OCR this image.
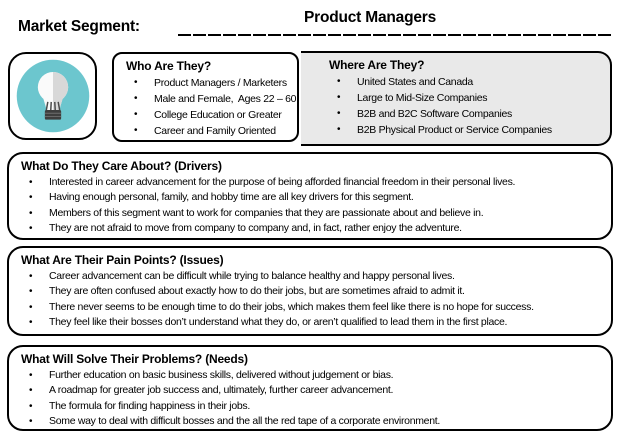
Market Segment:
Product Managers
Who Are They?
• Product Managers / Marketers
• Male and Female,  Ages 22 – 60
• College Education or Greater
• Career and Family Oriented
Where Are They?
• United States and Canada
• Large to Mid-Size Companies
• B2B and B2C Software Companies
• B2B Physical Product or Service Companies
What Do They Care About? (Drivers)
• Interested in career advancement for the purpose of being afforded financial freedom in their personal lives.
• Having enough personal, family, and hobby time are all key drivers for this segment.
• Members of this segment want to work for companies that they are passionate about and believe in.
• They are not afraid to move from company to company and, in fact, rather enjoy the adventure.
What Are Their Pain Points? (Issues)
• Career advancement can be difficult while trying to balance healthy and happy personal lives.
• They are often confused about exactly how to do their jobs, but are sometimes afraid to admit it.
• There never seems to be enough time to do their jobs, which makes them feel like there is no hope for success.
• They feel like their bosses don’t understand what they do, or aren’t qualified to lead them in the first place.
What Will Solve Their Problems? (Needs)
• Further education on basic business skills, delivered without judgement or bias.
• A roadmap for greater job success and, ultimately, further career advancement.
• The formula for finding happiness in their jobs.
• Some way to deal with difficult bosses and the all the red tape of a corporate environment.
